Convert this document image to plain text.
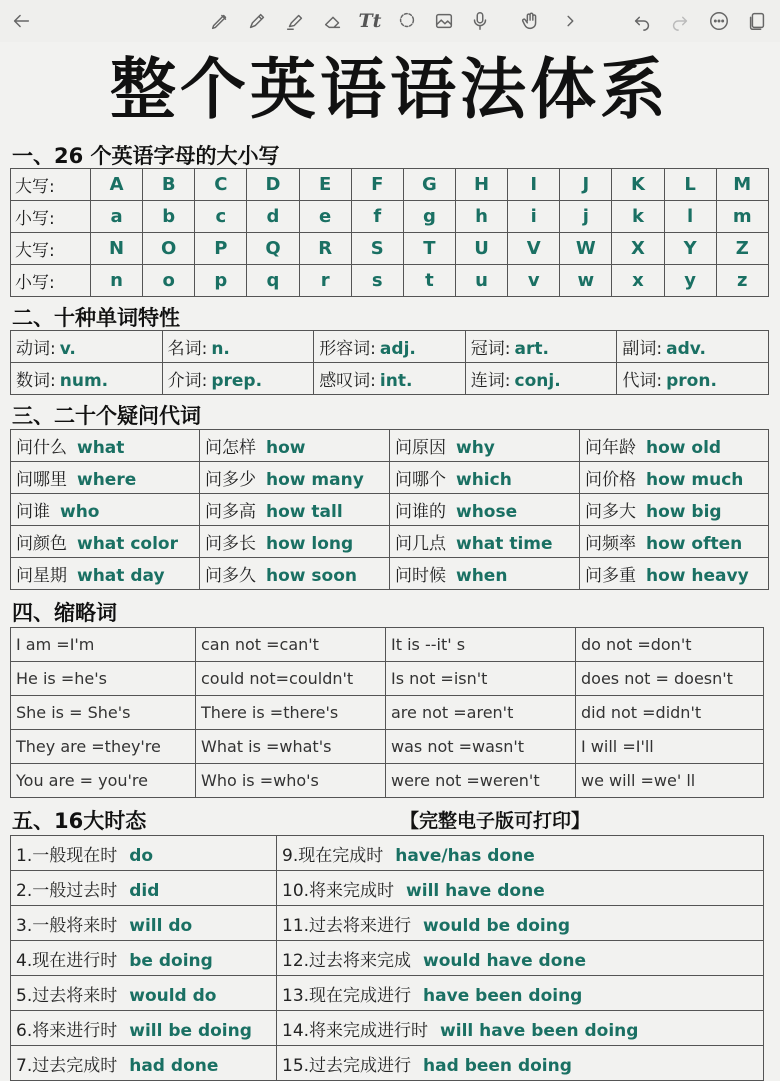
Tt
整个英语语法体系
一、26 个英语字母的大小写
大写:	A	B	C	D	E	F	G	H	I	J	K	L	M
小写:	a	b	c	d	e	f	g	h	i	j	k	l	m
大写:	N	O	P	Q	R	S	T	U	V	W	X	Y	Z
小写:	n	o	p	q	r	s	t	u	v	w	x	y	z
二、十种单词特性
动词: v.	名词: n.	形容词: adj.	冠词: art.	副词: adv.
数词: num.	介词: prep.	感叹词: int.	连词: conj.	代词: pron.
三、二十个疑问代词
问什么 what	问怎样 how	问原因 why	问年龄 how old
问哪里 where	问多少 how many	问哪个 which	问价格 how much
问谁 who	问多高 how tall	问谁的 whose	问多大 how big
问颜色 what color	问多长 how long	问几点 what time	问频率 how often
问星期 what day	问多久 how soon	问时候 when	问多重 how heavy
四、缩略词
I am =I'm	can not =can't	It is --it' s	do not =don't
He is =he's	could not=couldn't	Is not =isn't	does not = doesn't
She is = She's	There is =there's	are not =aren't	did not =didn't
They are =they're	What is =what's	was not =wasn't	I will =I'll
You are = you're	Who is =who's	were not =weren't	we will =we' ll
五、16大时态	【完整电子版可打印】
1.一般现在时 do	9.现在完成时 have/has done
2.一般过去时 did	10.将来完成时 will have done
3.一般将来时 will do	11.过去将来进行 would be doing
4.现在进行时 be doing	12.过去将来完成 would have done
5.过去将来时 would do	13.现在完成进行 have been doing
6.将来进行时 will be doing	14.将来完成进行时 will have been doing
7.过去完成时 had done	15.过去完成进行 had been doing
